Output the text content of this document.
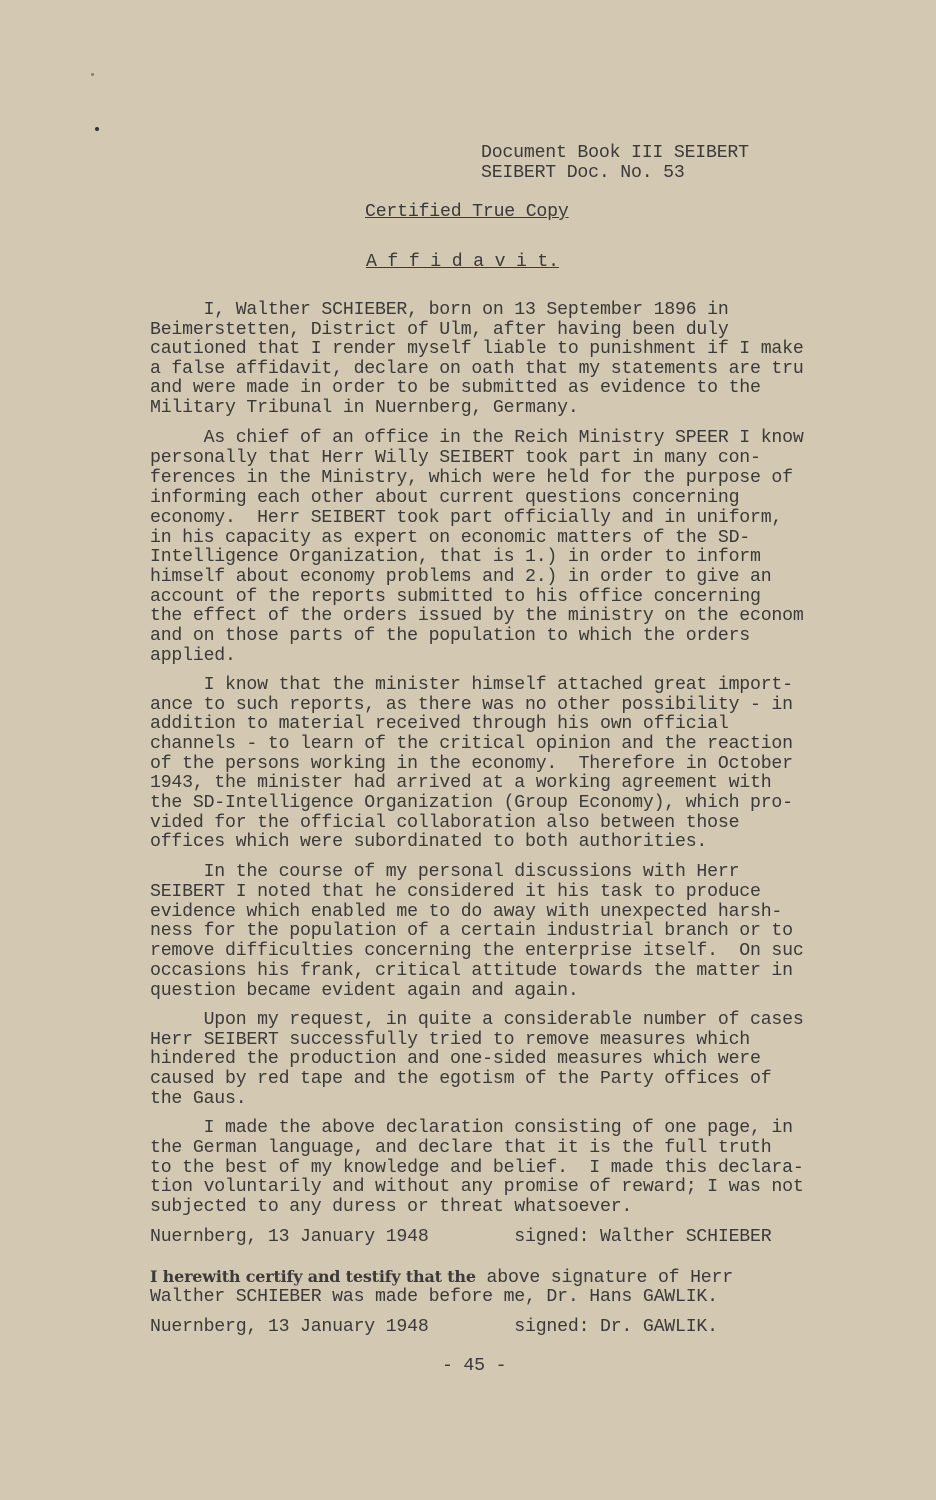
Document Book III SEIBERT
SEIBERT Doc. No. 53
Certified True Copy
A f f i d a v i t.
I, Walther SCHIEBER, born on 13 September 1896 in
Beimerstetten, District of Ulm, after having been duly
cautioned that I render myself liable to punishment if I make
a false affidavit, declare on oath that my statements are tru
and were made in order to be submitted as evidence to the
Military Tribunal in Nuernberg, Germany.
As chief of an office in the Reich Ministry SPEER I know
personally that Herr Willy SEIBERT took part in many con-
ferences in the Ministry, which were held for the purpose of
informing each other about current questions concerning
economy.  Herr SEIBERT took part officially and in uniform,
in his capacity as expert on economic matters of the SD-
Intelligence Organization, that is 1.) in order to inform
himself about economy problems and 2.) in order to give an
account of the reports submitted to his office concerning
the effect of the orders issued by the ministry on the econom
and on those parts of the population to which the orders
applied.
I know that the minister himself attached great import-
ance to such reports, as there was no other possibility - in
addition to material received through his own official
channels - to learn of the critical opinion and the reaction
of the persons working in the economy.  Therefore in October
1943, the minister had arrived at a working agreement with
the SD-Intelligence Organization (Group Economy), which pro-
vided for the official collaboration also between those
offices which were subordinated to both authorities.
In the course of my personal discussions with Herr
SEIBERT I noted that he considered it his task to produce
evidence which enabled me to do away with unexpected harsh-
ness for the population of a certain industrial branch or to
remove difficulties concerning the enterprise itself.  On suc
occasions his frank, critical attitude towards the matter in
question became evident again and again.
Upon my request, in quite a considerable number of cases
Herr SEIBERT successfully tried to remove measures which
hindered the production and one-sided measures which were
caused by red tape and the egotism of the Party offices of
the Gaus.
I made the above declaration consisting of one page, in
the German language, and declare that it is the full truth
to the best of my knowledge and belief.  I made this declara-
tion voluntarily and without any promise of reward; I was not
subjected to any duress or threat whatsoever.
Nuernberg, 13 January 1948        signed: Walther SCHIEBER
I herewith certify and testify that the above signature of Herr
Walther SCHIEBER was made before me, Dr. Hans GAWLIK.
Nuernberg, 13 January 1948        signed: Dr. GAWLIK.
- 45 -
